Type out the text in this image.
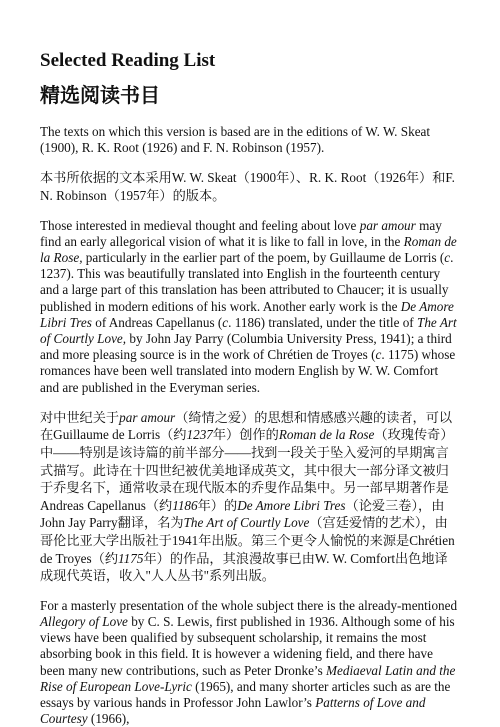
Selected Reading List
精选阅读书目

The texts on which this version is based are in the editions of W. W. Skeat (1900), R. K. Root (1926) and F. N. Robinson (1957).

本书所依据的文本采用W. W. Skeat（1900年）、R. K. Root（1926年）和F. N. Robinson（1957年）的版本。

Those interested in medieval thought and feeling about love par amour may find an early allegorical vision of what it is like to fall in love, in the Roman de la Rose, particularly in the earlier part of the poem, by Guillaume de Lorris (c. 1237). This was beautifully translated into English in the fourteenth century and a large part of this translation has been attributed to Chaucer; it is usually published in modern editions of his work. Another early work is the De Amore Libri Tres of Andreas Capellanus (c. 1186) translated, under the title of The Art of Courtly Love, by John Jay Parry (Columbia University Press, 1941); a third and more pleasing source is in the work of Chrétien de Troyes (c. 1175) whose romances have been well translated into modern English by W. W. Comfort and are published in the Everyman series.

对中世纪关于par amour（绮情之爱）的思想和情感感兴趣的读者，可以在Guillaume de Lorris（约1237年）创作的Roman de la Rose（玫瑰传奇）中——特别是该诗篇的前半部分——找到一段关于坠入爱河的早期寓言式描写。此诗在十四世纪被优美地译成英文，其中很大一部分译文被归于乔叟名下，通常收录在现代版本的乔叟作品集中。另一部早期著作是Andreas Capellanus（约1186年）的De Amore Libri Tres（论爱三卷），由John Jay Parry翻译，名为The Art of Courtly Love（宫廷爱情的艺术），由哥伦比亚大学出版社于1941年出版。第三个更令人愉悦的来源是Chrétien de Troyes（约1175年）的作品，其浪漫故事已由W. W. Comfort出色地译成现代英语，收入"人人丛书"系列出版。

For a masterly presentation of the whole subject there is the already-mentioned Allegory of Love by C. S. Lewis, first published in 1936. Although some of his views have been qualified by subsequent scholarship, it remains the most absorbing book in this field. It is however a widening field, and there have been many new contributions, such as Peter Dronke’s Mediaeval Latin and the Rise of European Love-Lyric (1965), and many shorter articles such as are the essays by various hands in Professor John Lawlor’s Patterns of Love and Courtesy (1966),
